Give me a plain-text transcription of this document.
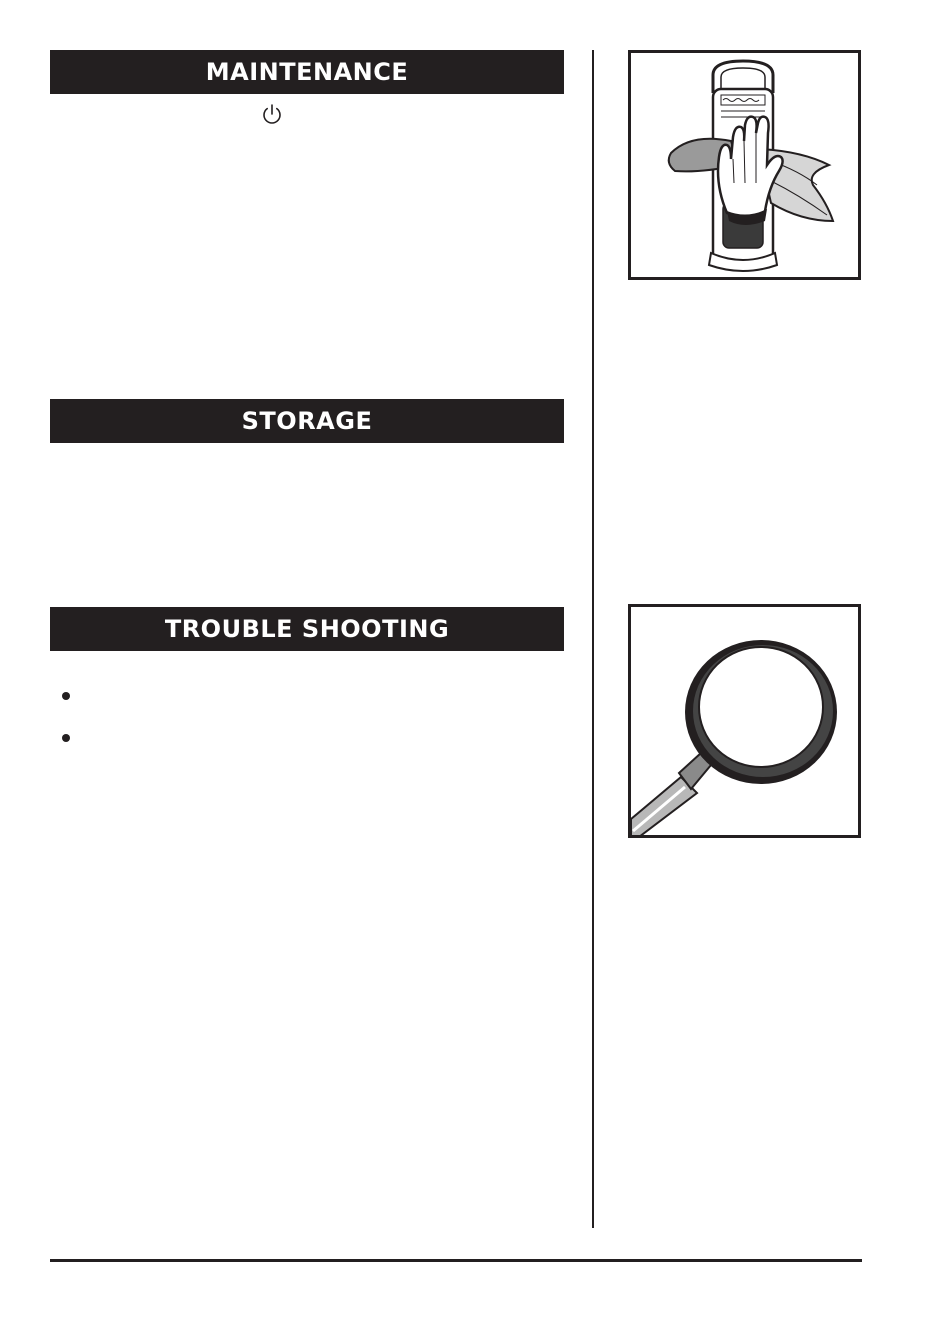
MAINTENANCE
STORAGE
TROUBLE SHOOTING
